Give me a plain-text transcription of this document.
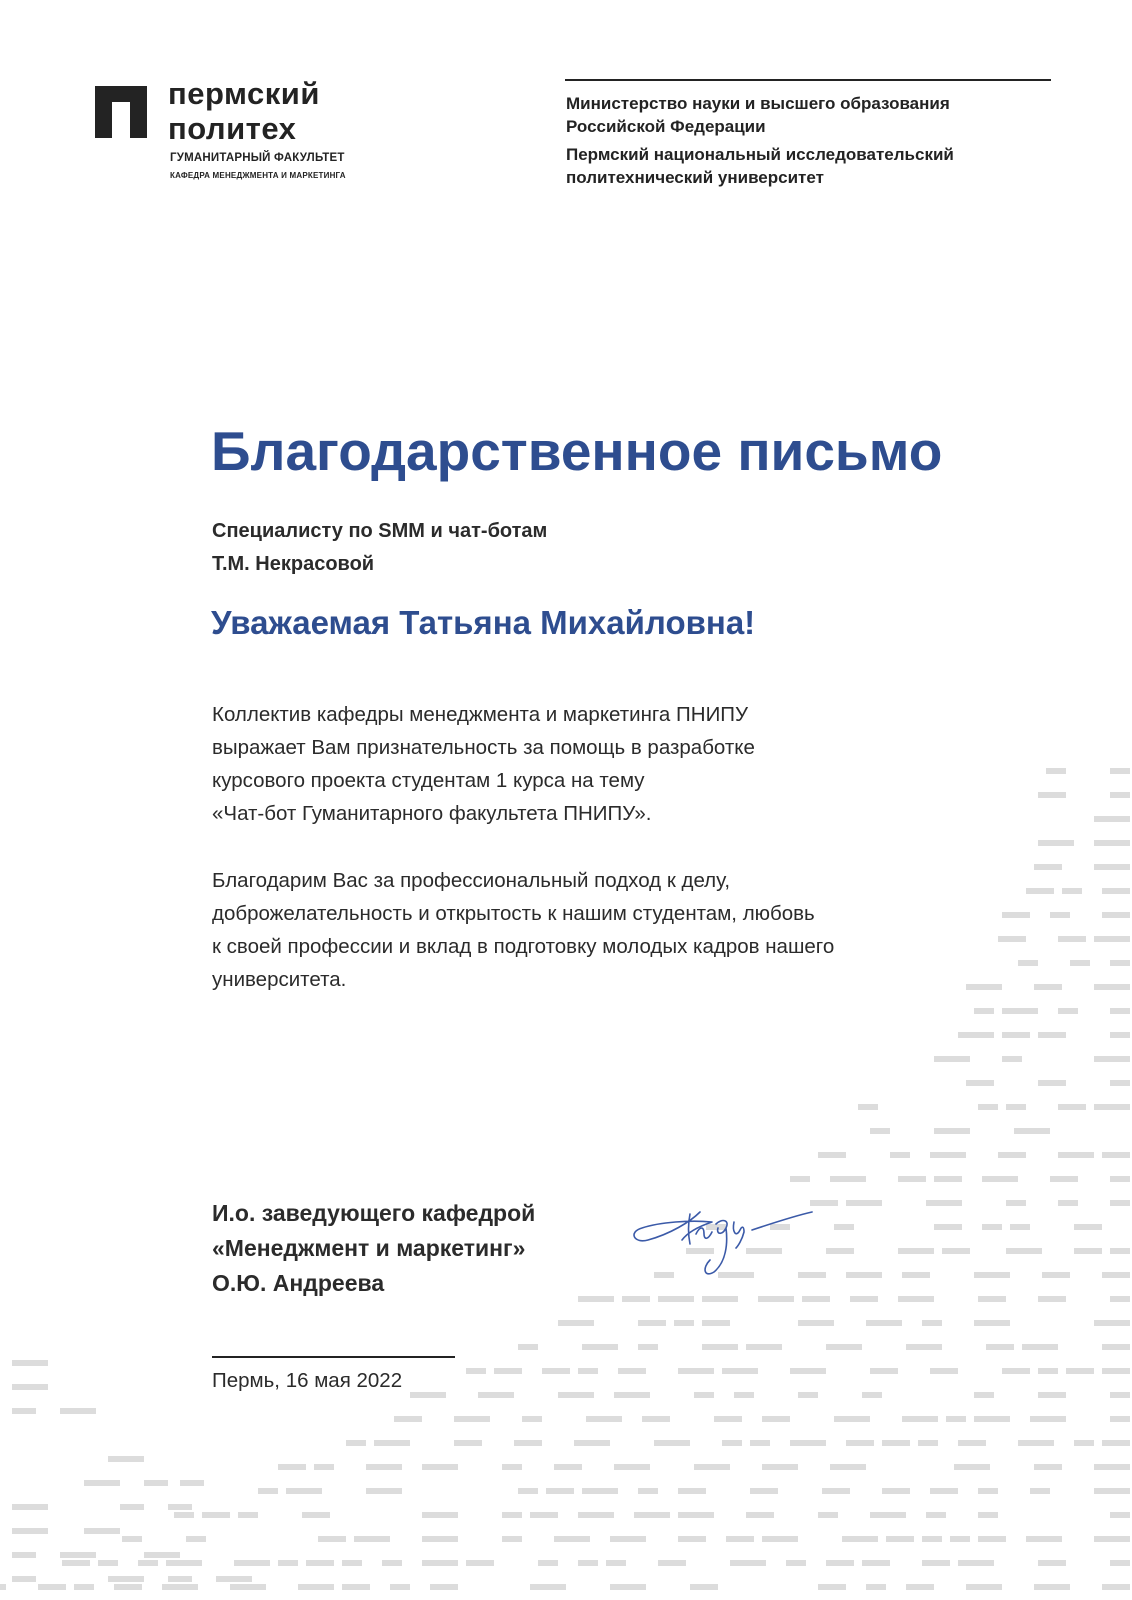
пермский
политех
ГУМАНИТАРНЫЙ ФАКУЛЬТЕТ
КАФЕДРА МЕНЕДЖМЕНТА И МАРКЕТИНГА
Министерство науки и высшего образования
Российской Федерации
Пермский национальный исследовательский
политехнический университет
Благодарственное письмо
Специалисту по SMM и чат-ботам
Т.М. Некрасовой
Уважаемая Татьяна Михайловна!
Коллектив кафедры менеджмента и маркетинга ПНИПУ
выражает Вам признательность за помощь в разработке
курсового проекта студентам 1 курса на тему
«Чат-бот Гуманитарного факультета ПНИПУ».
Благодарим Вас за профессиональный подход к делу,
доброжелательность и открытость к нашим студентам, любовь
к своей профессии и вклад в подготовку молодых кадров нашего
университета.
И.о. заведующего кафедрой
«Менеджмент и маркетинг»
О.Ю. Андреева
Пермь, 16 мая 2022
